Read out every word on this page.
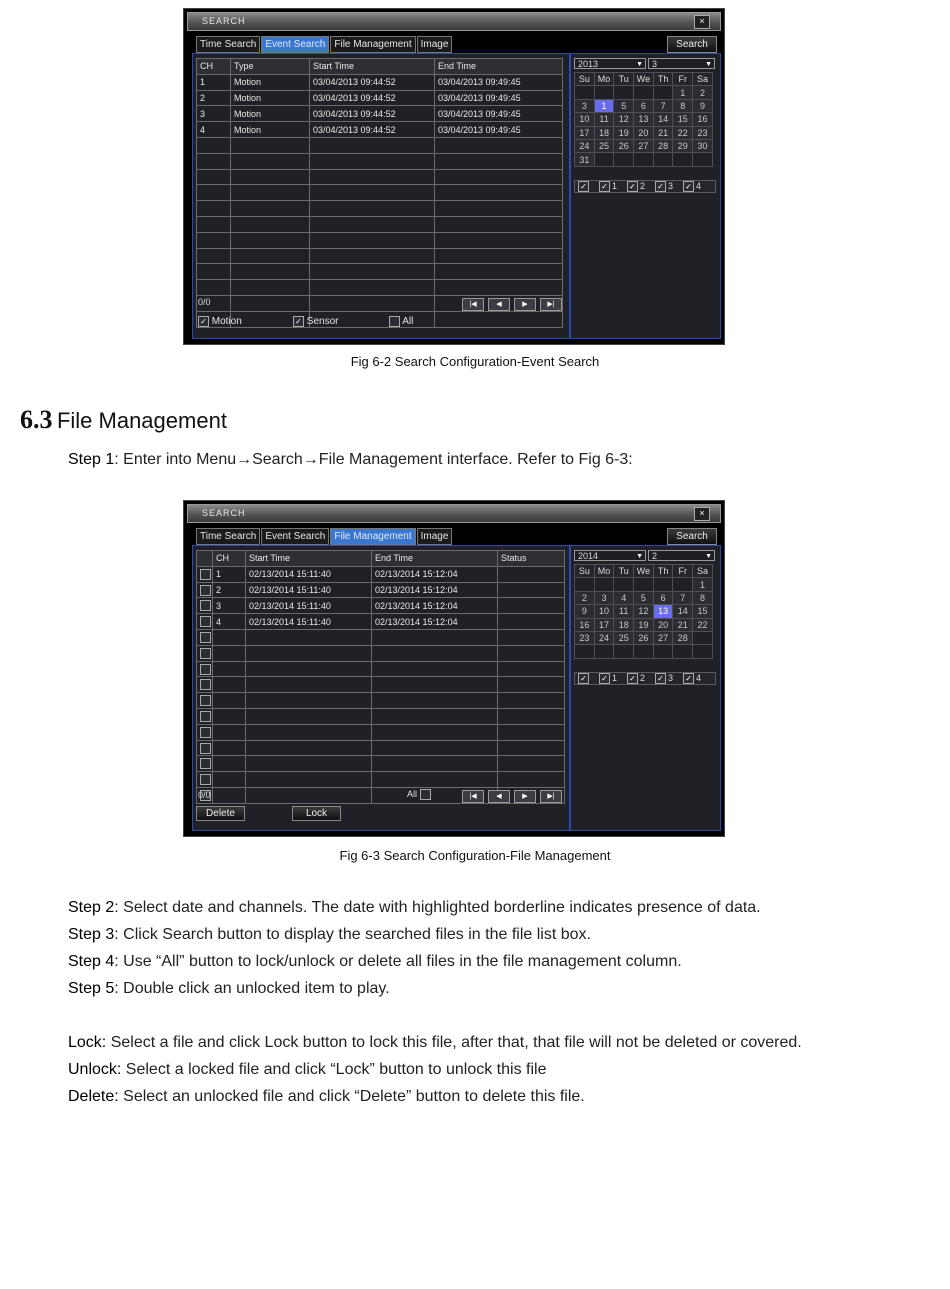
SEARCH	×
Time Search Event Search File Management Image	Search
CH	Type	Start Time	End Time
1	Motion	03/04/2013 09:44:52	03/04/2013 09:49:45
2	Motion	03/04/2013 09:44:52	03/04/2013 09:49:45
3	Motion	03/04/2013 09:44:52	03/04/2013 09:49:45
4	Motion	03/04/2013 09:44:52	03/04/2013 09:49:45

0/0	|◀	◀	▶	▶|
✓ Motion	✓ Sensor	All
2013	▼	3	▼
Su	Mo	Tu	We	Th	Fr	Sa
					1	2
3	1	5	6	7	8	9
10	11	12	13	14	15	16
17	18	19	20	21	22	23
24	25	26	27	28	29	30
31						
✓ ✓ 1 ✓ 2 ✓ 3 ✓ 4
Fig 6-2 Search Configuration-Event Search
6.3 File Management
Step 1: Enter into Menu→Search→File Management interface. Refer to Fig 6-3:
SEARCH	×
Time Search Event Search File Management Image	Search
	CH	Start Time	End Time	Status
	1	02/13/2014 15:11:40	02/13/2014 15:12:04	
	2	02/13/2014 15:11:40	02/13/2014 15:12:04	
	3	02/13/2014 15:11:40	02/13/2014 15:12:04	
	4	02/13/2014 15:11:40	02/13/2014 15:12:04	

0/0	All	|◀	◀	▶	▶|
Delete	Lock
2014	▼	2	▼
Su	Mo	Tu	We	Th	Fr	Sa
						1
2	3	4	5	6	7	8
9	10	11	12	13	14	15
16	17	18	19	20	21	22
23	24	25	26	27	28	

✓ ✓ 1 ✓ 2 ✓ 3 ✓ 4
Fig 6-3 Search Configuration-File Management
Step 2: Select date and channels. The date with highlighted borderline indicates presence of data.
Step 3: Click Search button to display the searched files in the file list box.
Step 4: Use “All” button to lock/unlock or delete all files in the file management column.
Step 5: Double click an unlocked item to play.
Lock: Select a file and click Lock button to lock this file, after that, that file will not be deleted or covered.
Unlock: Select a locked file and click “Lock” button to unlock this file
Delete: Select an unlocked file and click “Delete” button to delete this file.
